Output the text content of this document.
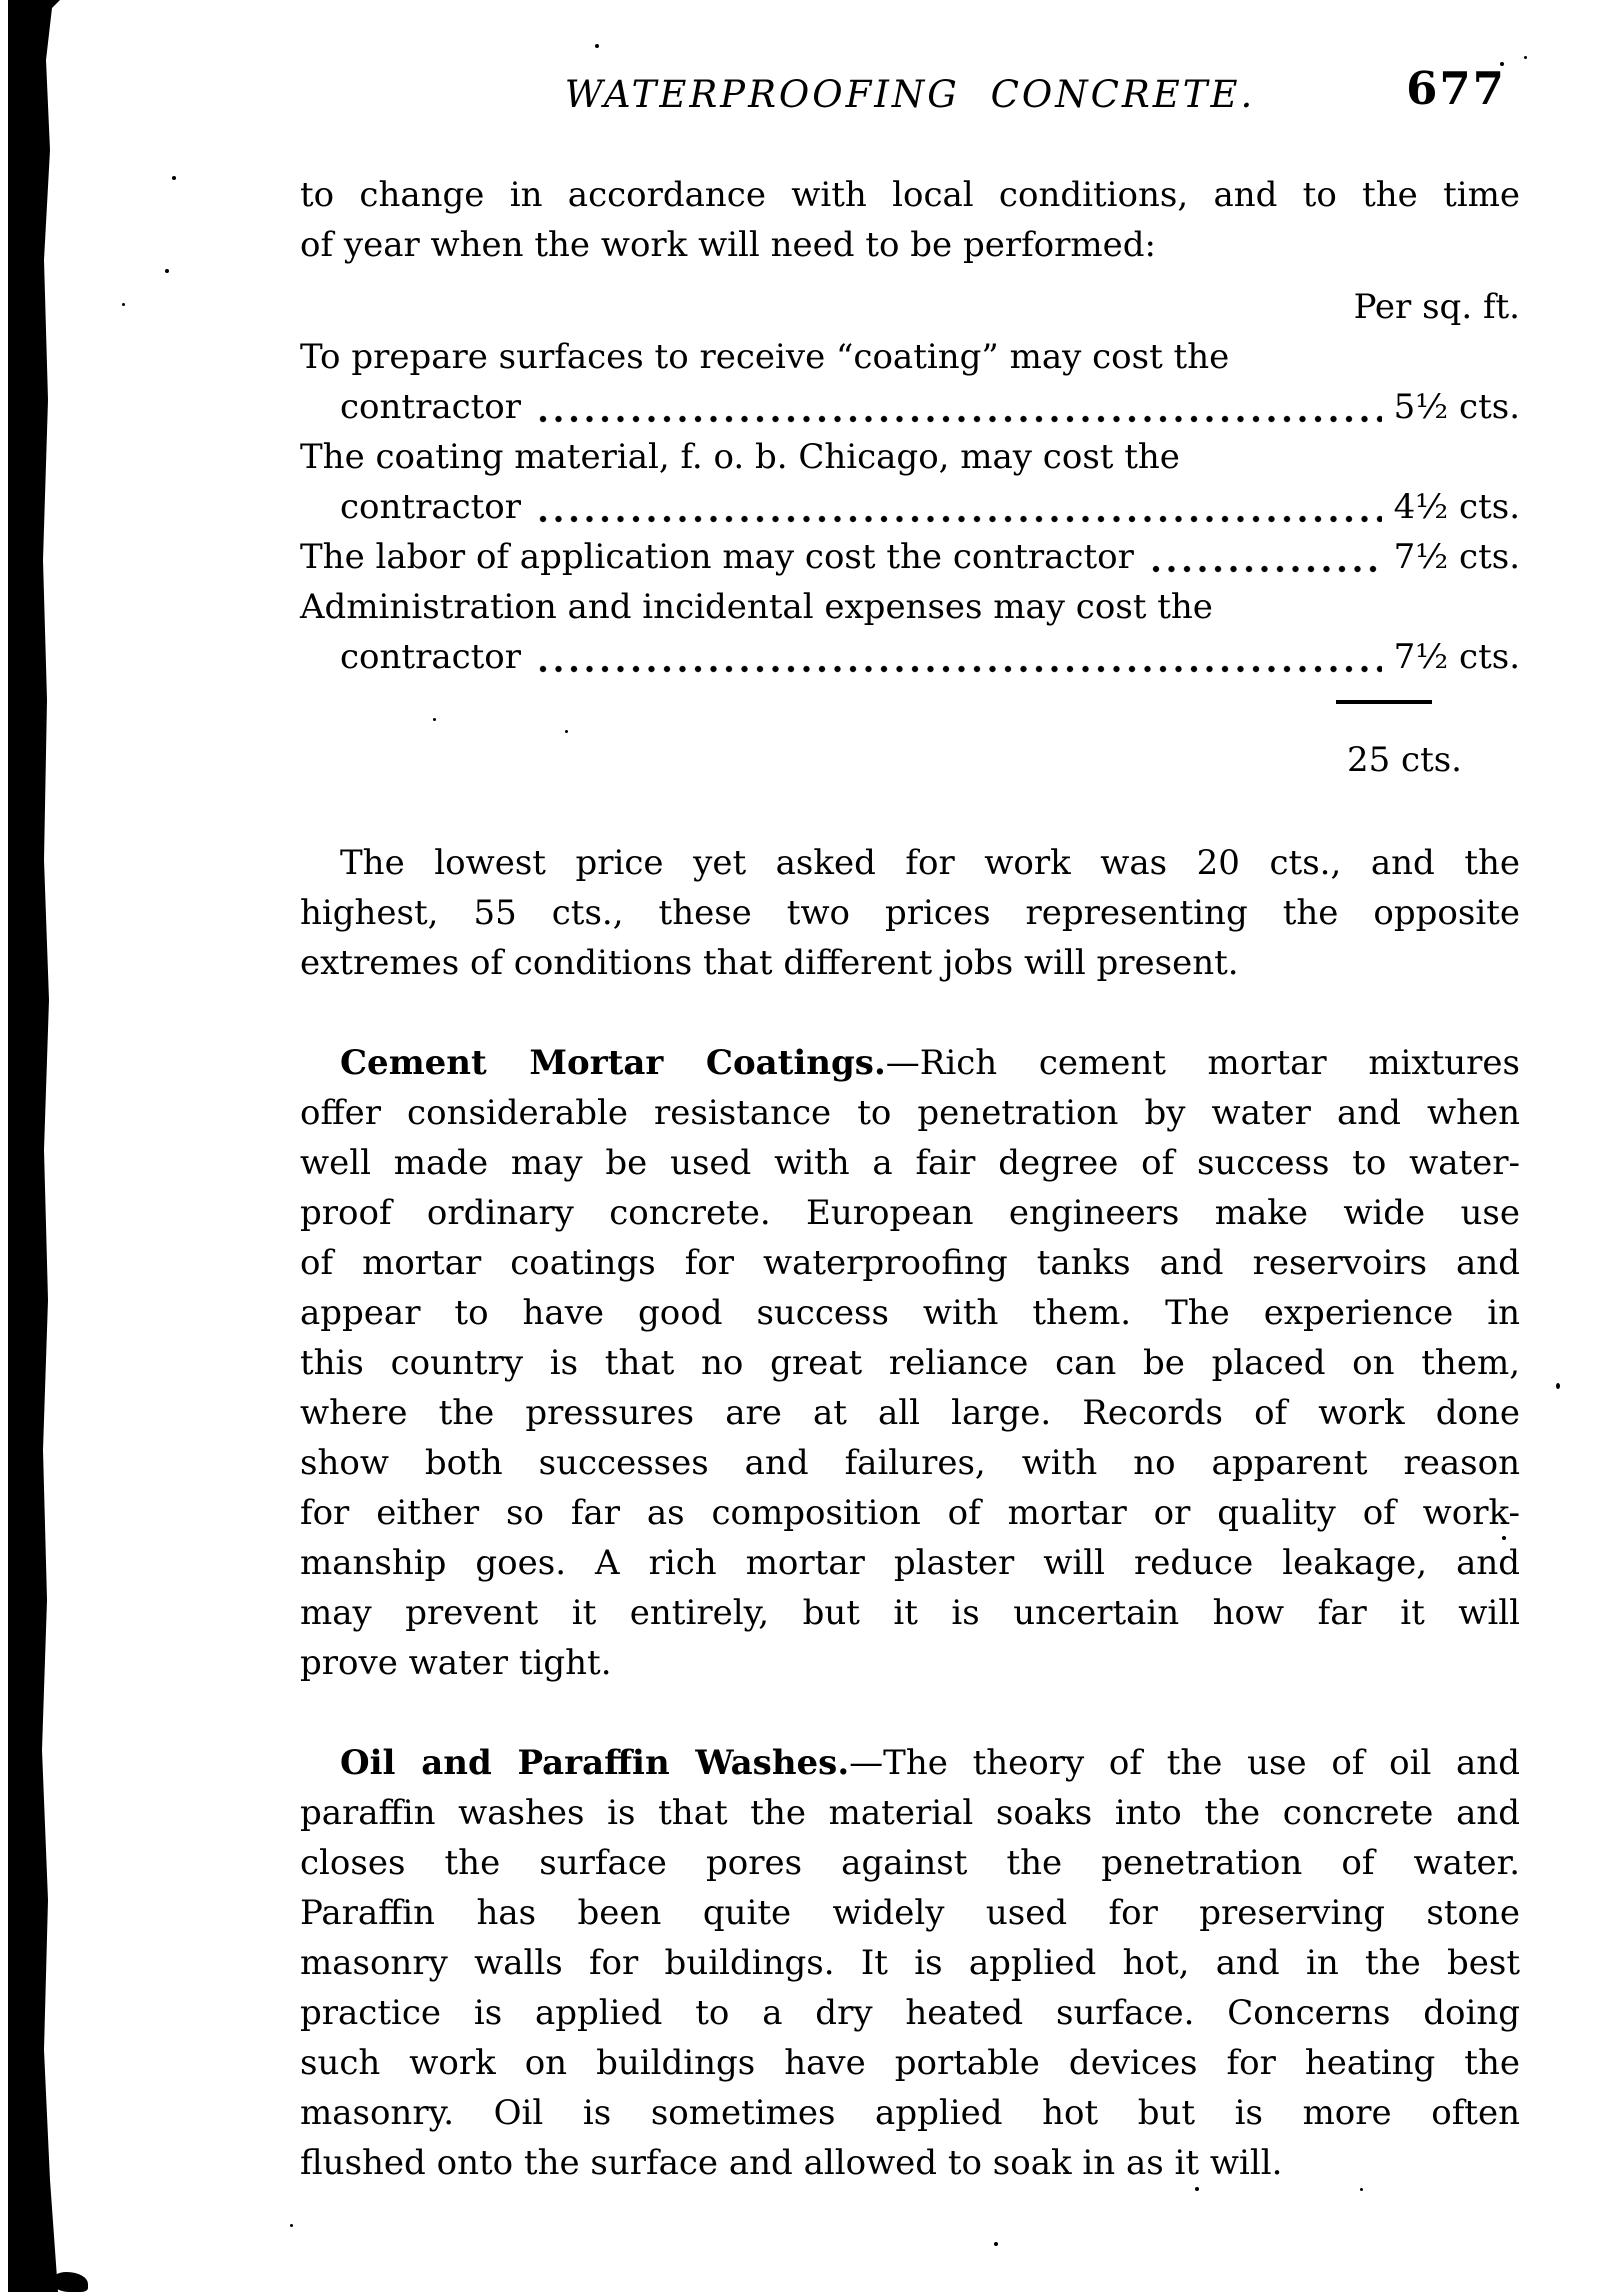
WATERPROOFING CONCRETE.	677
to change in accordance with local conditions, and to the time
of year when the work will need to be performed:
Per sq. ft.
To prepare surfaces to receive “coating” may cost the
contractor	5½ cts.
The coating material, f. o. b. Chicago, may cost the
contractor	4½ cts.
The labor of application may cost the contractor	7½ cts.
Administration and incidental expenses may cost the
contractor	7½ cts.
25 cts.
The lowest price yet asked for work was 20 cts., and the
highest, 55 cts., these two prices representing the opposite
extremes of conditions that different jobs will present.
Cement Mortar Coatings.—Rich cement mortar mixtures
offer considerable resistance to penetration by water and when
well made may be used with a fair degree of success to water-
proof ordinary concrete. European engineers make wide use
of mortar coatings for waterproofing tanks and reservoirs and
appear to have good success with them. The experience in
this country is that no great reliance can be placed on them,
where the pressures are at all large. Records of work done
show both successes and failures, with no apparent reason
for either so far as composition of mortar or quality of work-
manship goes. A rich mortar plaster will reduce leakage, and
may prevent it entirely, but it is uncertain how far it will
prove water tight.
Oil and Paraffin Washes.—The theory of the use of oil and
paraffin washes is that the material soaks into the concrete and
closes the surface pores against the penetration of water.
Paraffin has been quite widely used for preserving stone
masonry walls for buildings. It is applied hot, and in the best
practice is applied to a dry heated surface. Concerns doing
such work on buildings have portable devices for heating the
masonry. Oil is sometimes applied hot but is more often
flushed onto the surface and allowed to soak in as it will.
